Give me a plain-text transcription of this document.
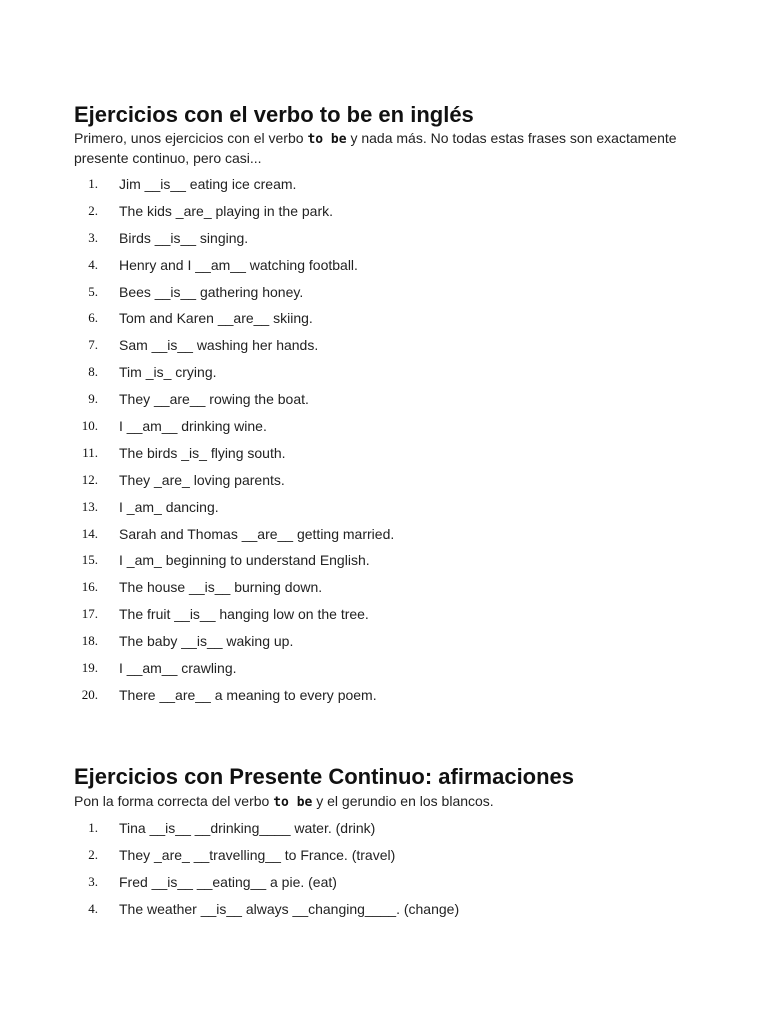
Ejercicios con el verbo to be en inglés

Primero, unos ejercicios con el verbo to be y nada más. No todas estas frases son exactamente presente continuo, pero casi...

1. Jim __is__ eating ice cream.
2. The kids _are_ playing in the park.
3. Birds __is__ singing.
4. Henry and I __am__ watching football.
5. Bees __is__ gathering honey.
6. Tom and Karen __are__ skiing.
7. Sam __is__ washing her hands.
8. Tim _is_ crying.
9. They __are__ rowing the boat.
10. I __am__ drinking wine.
11. The birds _is_ flying south.
12. They _are_ loving parents.
13. I _am_ dancing.
14. Sarah and Thomas __are__ getting married.
15. I _am_ beginning to understand English.
16. The house __is__ burning down.
17. The fruit __is__ hanging low on the tree.
18. The baby __is__ waking up.
19. I __am__ crawling.
20. There __are__ a meaning to every poem.
Ejercicios con Presente Continuo: afirmaciones

Pon la forma correcta del verbo to be y el gerundio en los blancos.

1. Tina __is__ __drinking____ water. (drink)
2. They _are_ __travelling__ to France. (travel)
3. Fred __is__ __eating__ a pie. (eat)
4. The weather __is__ always __changing____. (change)
